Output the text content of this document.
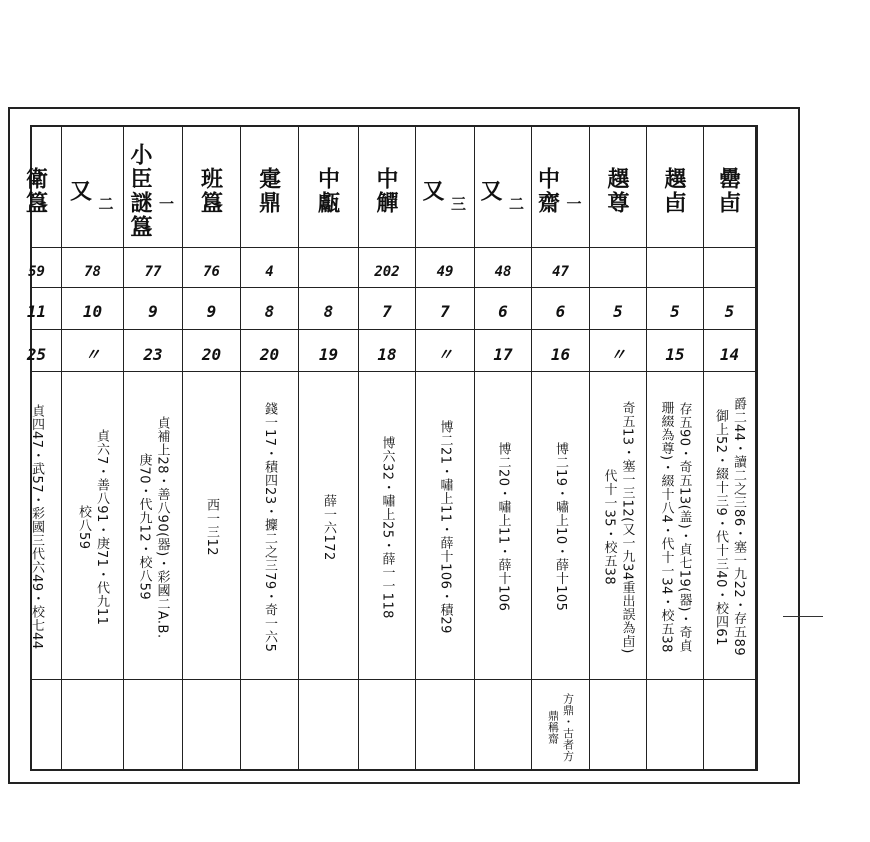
罍卣
5
14
爵二44・讀二之三86・塞一九22・存五89
御上52・綴十三9・代十三40・校四61
趩卣
5
15
存五90・奇五13(盖)・貞七19(器)・奇貞
珊綴為尊)・綴十八4・代十一34・校五38
趩尊
5
〃
奇五13・塞一三12(又一九34重出誤為卣)
代十一35・校五38
中齋 一
47
6
16
博二19・嘯上10・薛十105
方鼎・古者方
鼎稱齋
又
二
48
6
17
博二20・嘯上11・薛十106
又
三
49
7
〃
博二21・嘯上11・薛十106・積29
中觶
202
7
18
博六32・嘯上25・薛一一118
中甗
8
19
薛一六172
疐鼎
4
8
20
錢一17・積四23・攈二之三79・奇一六5
班簋
76
9
20
西一三12
小臣謎簋 一
77
9
23
貞補上28・善八90(器)・彩國二A.B.
庚70・代九12・校八59
又
二
78
10
〃
貞六7・善八91・庚71・代九11
校八59
衛簋
59
11
25
貞四47・武57・彩國三代六49・校七44
